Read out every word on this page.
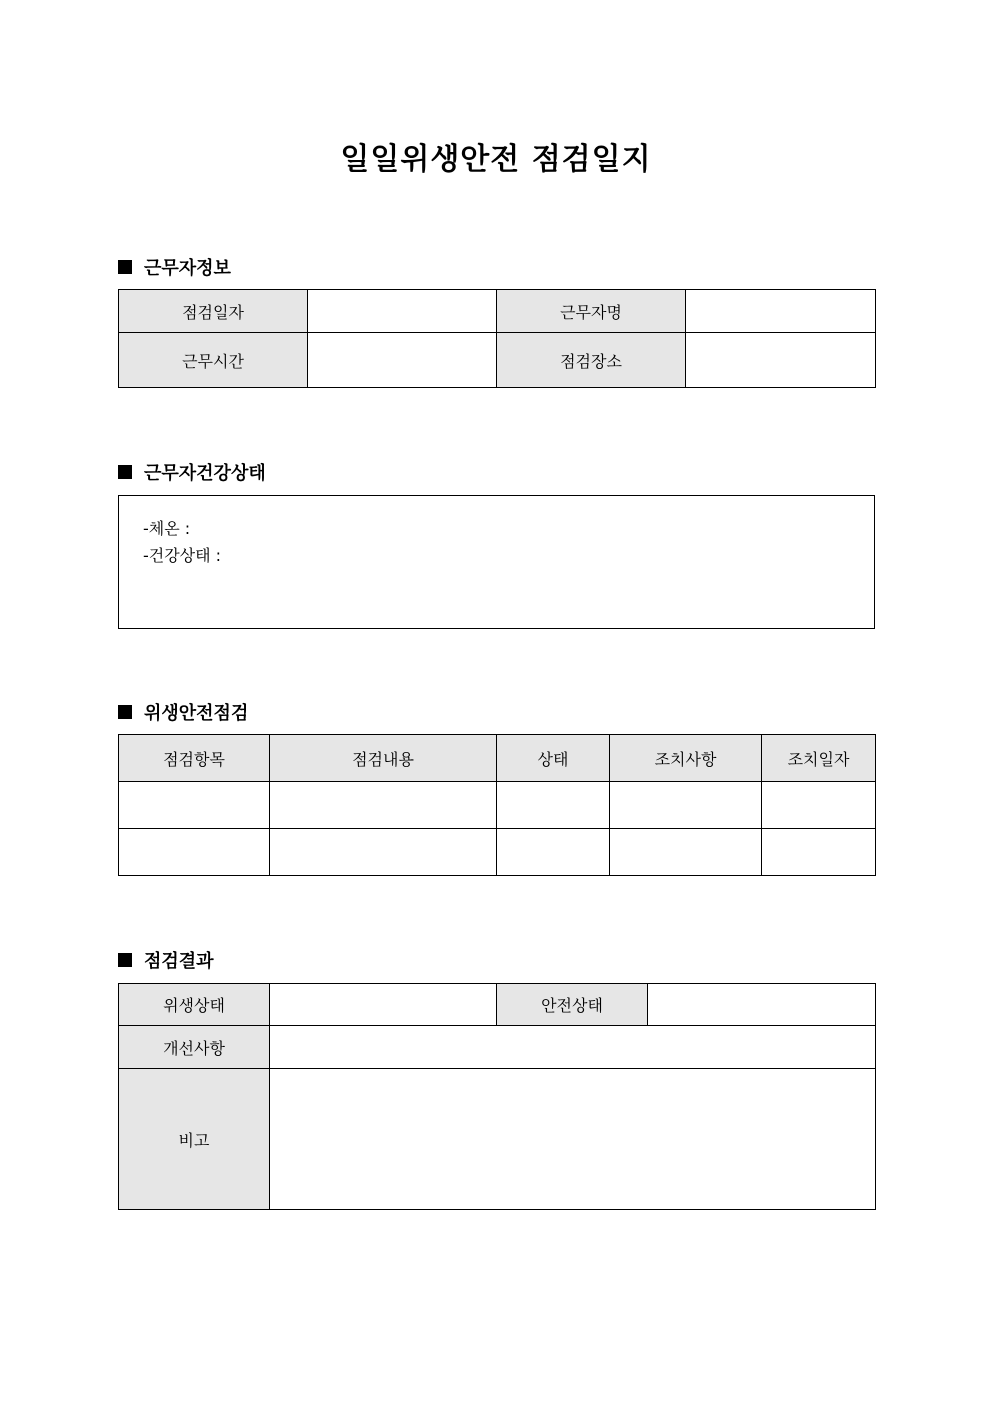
일일위생안전 점검일지
근무자정보
점검일자		근무자명	
근무시간		점검장소	
근무자건강상태
-체온 :
-건강상태 :
위생안전점검
점검항목	점검내용	상태	조치사항	조치일자

점검결과
위생상태		안전상태	
개선사항			
비고			
